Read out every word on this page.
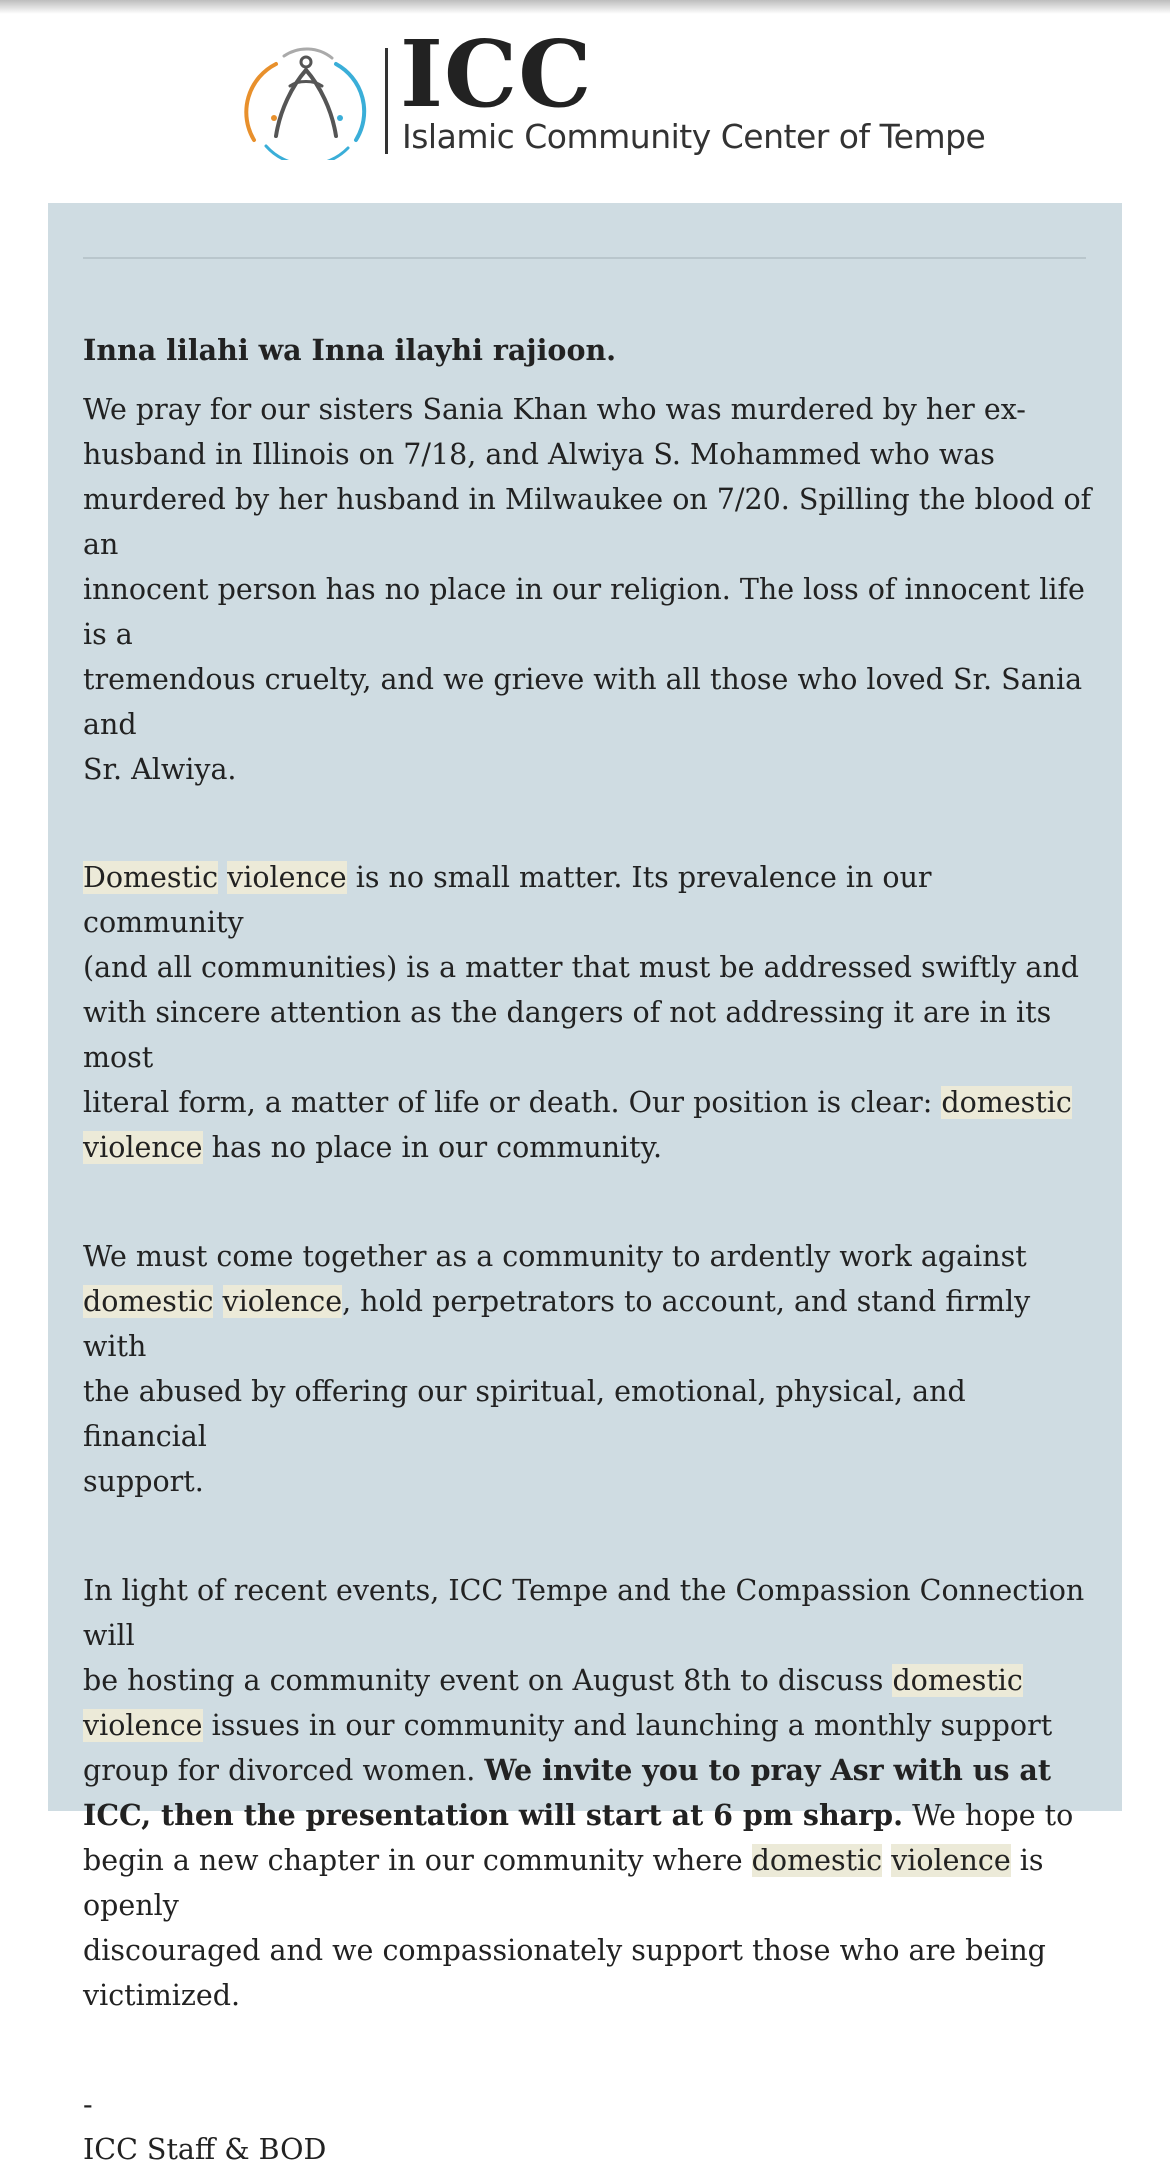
ICC
Islamic Community Center of Tempe

Inna lilahi wa Inna ilayhi rajioon.

We pray for our sisters Sania Khan who was murdered by her ex-
husband in Illinois on 7/18, and Alwiya S. Mohammed who was
murdered by her husband in Milwaukee on 7/20. Spilling the blood of an
innocent person has no place in our religion. The loss of innocent life is a
tremendous cruelty, and we grieve with all those who loved Sr. Sania and
Sr. Alwiya.

Domestic violence is no small matter. Its prevalence in our community
(and all communities) is a matter that must be addressed swiftly and
with sincere attention as the dangers of not addressing it are in its most
literal form, a matter of life or death. Our position is clear: domestic
violence has no place in our community.

We must come together as a community to ardently work against
domestic violence, hold perpetrators to account, and stand firmly with
the abused by offering our spiritual, emotional, physical, and financial
support.

In light of recent events, ICC Tempe and the Compassion Connection will
be hosting a community event on August 8th to discuss domestic
violence issues in our community and launching a monthly support
group for divorced women. We invite you to pray Asr with us at
ICC, then the presentation will start at 6 pm sharp. We hope to
begin a new chapter in our community where domestic violence is openly
discouraged and we compassionately support those who are being
victimized.

-
ICC Staff & BOD
